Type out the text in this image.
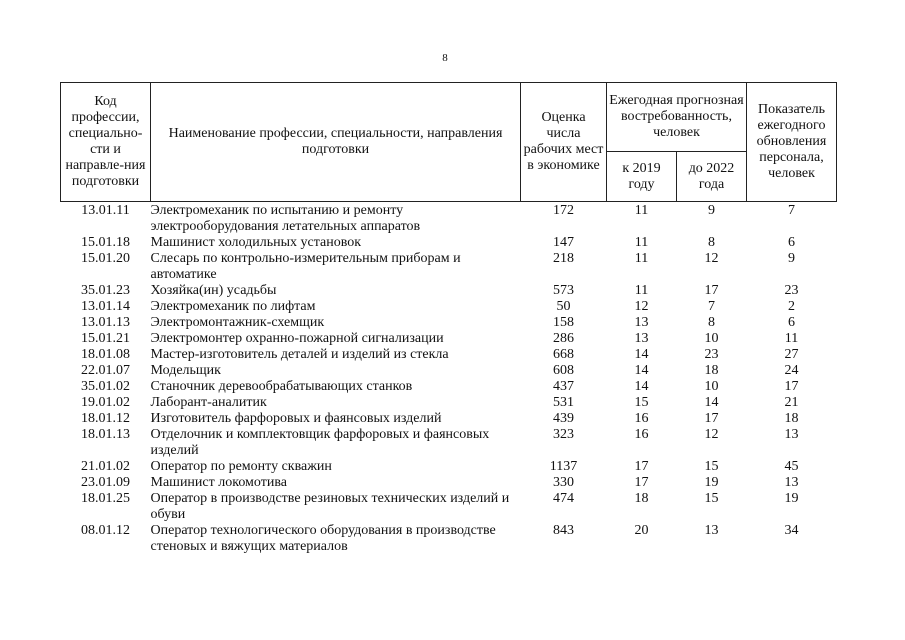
8
Код профессии, специально-сти и направле-ния подготовки	Наименование профессии, специальности, направления подготовки	Оценка числа рабочих мест в экономике	Ежегодная прогнозная востребованность, человек		Показатель ежегодного обновления персонала, человек
			к 2019 году	до 2022 года	
13.01.11	Электромеханик по испытанию и ремонту электрооборудования летательных аппаратов	172	11	9	7
15.01.18	Машинист холодильных установок	147	11	8	6
15.01.20	Слесарь по контрольно-измерительным приборам и автоматике	218	11	12	9
35.01.23	Хозяйка(ин) усадьбы	573	11	17	23
13.01.14	Электромеханик по лифтам	50	12	7	2
13.01.13	Электромонтажник-схемщик	158	13	8	6
15.01.21	Электромонтер охранно-пожарной сигнализации	286	13	10	11
18.01.08	Мастер-изготовитель деталей и изделий из стекла	668	14	23	27
22.01.07	Модельщик	608	14	18	24
35.01.02	Станочник деревообрабатывающих станков	437	14	10	17
19.01.02	Лаборант-аналитик	531	15	14	21
18.01.12	Изготовитель фарфоровых и фаянсовых изделий	439	16	17	18
18.01.13	Отделочник и комплектовщик фарфоровых и фаянсовых изделий	323	16	12	13
21.01.02	Оператор по ремонту скважин	1137	17	15	45
23.01.09	Машинист локомотива	330	17	19	13
18.01.25	Оператор в производстве резиновых технических изделий и обуви	474	18	15	19
08.01.12	Оператор технологического оборудования в производстве стеновых и вяжущих материалов	843	20	13	34
